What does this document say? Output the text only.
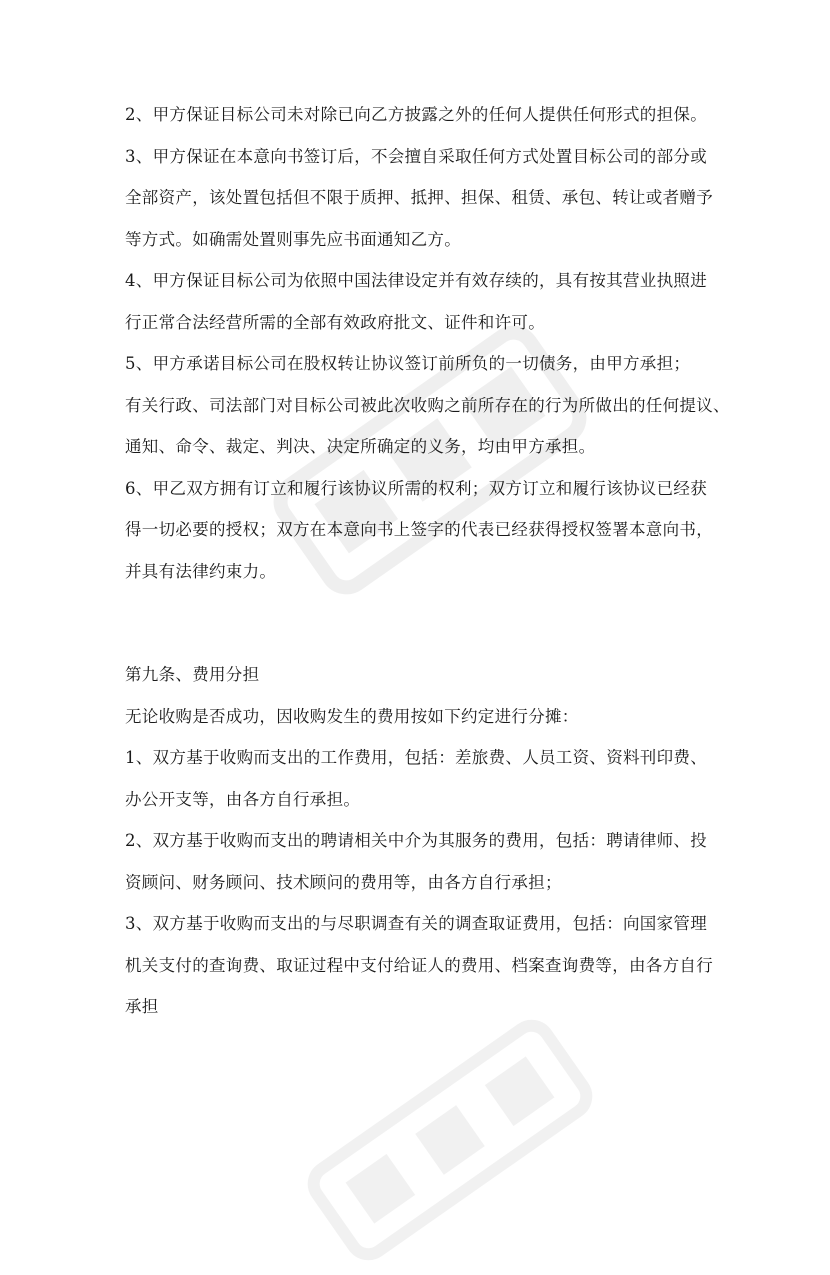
2、甲方保证目标公司未对除已向乙方披露之外的任何人提供任何形式的担保。
3、甲方保证在本意向书签订后，不会擅自采取任何方式处置目标公司的部分或
全部资产，该处置包括但不限于质押、抵押、担保、租赁、承包、转让或者赠予
等方式。如确需处置则事先应书面通知乙方。
4、甲方保证目标公司为依照中国法律设定并有效存续的，具有按其营业执照进
行正常合法经营所需的全部有效政府批文、证件和许可。
5、甲方承诺目标公司在股权转让协议签订前所负的一切债务，由甲方承担；
有关行政、司法部门对目标公司被此次收购之前所存在的行为所做出的任何提议、
通知、命令、裁定、判决、决定所确定的义务，均由甲方承担。
6、甲乙双方拥有订立和履行该协议所需的权利；双方订立和履行该协议已经获
得一切必要的授权；双方在本意向书上签字的代表已经获得授权签署本意向书，
并具有法律约束力。
第九条、费用分担
无论收购是否成功，因收购发生的费用按如下约定进行分摊：
1、双方基于收购而支出的工作费用，包括：差旅费、人员工资、资料刊印费、
办公开支等，由各方自行承担。
2、双方基于收购而支出的聘请相关中介为其服务的费用，包括：聘请律师、投
资顾问、财务顾问、技术顾问的费用等，由各方自行承担；
3、双方基于收购而支出的与尽职调查有关的调查取证费用，包括：向国家管理
机关支付的查询费、取证过程中支付给证人的费用、档案查询费等，由各方自行
承担
